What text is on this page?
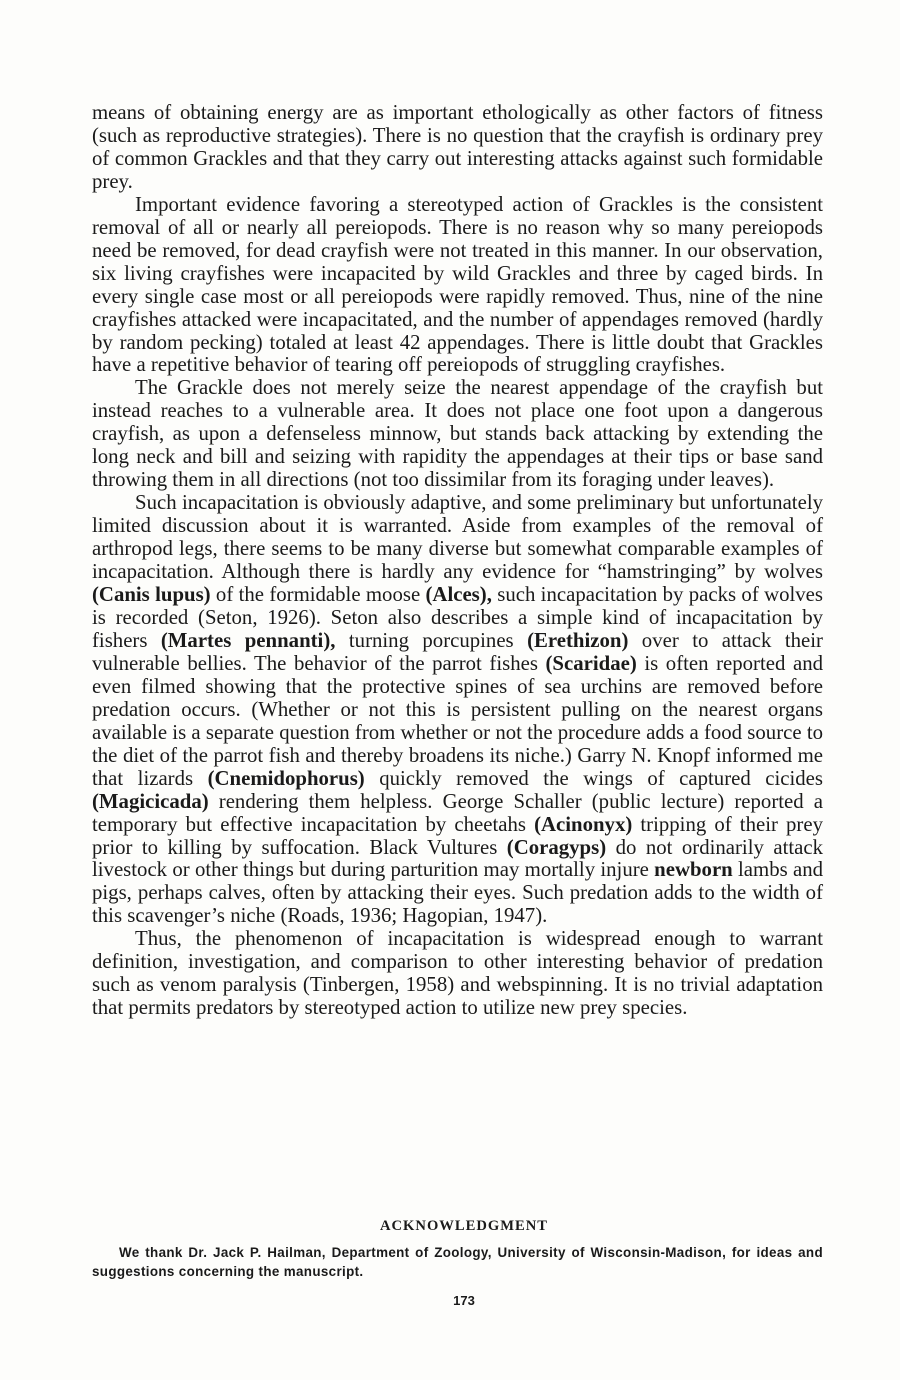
means of obtaining energy are as important ethologically as other factors of fitness (such as reproductive strategies). There is no question that the crayfish is ordinary prey of common Grackles and that they carry out interesting attacks against such formidable prey.

Important evidence favoring a stereotyped action of Grackles is the consistent removal of all or nearly all pereiopods. There is no reason why so many pereiopods need be removed, for dead crayfish were not treated in this manner. In our observation, six living crayfishes were incapacited by wild Grackles and three by caged birds. In every single case most or all pereiopods were rapidly removed. Thus, nine of the nine crayfishes attacked were incapacitated, and the number of appendages removed (hardly by random pecking) totaled at least 42 appendages. There is little doubt that Grackles have a repetitive behavior of tearing off pereiopods of struggling crayfishes.

The Grackle does not merely seize the nearest appendage of the crayfish but instead reaches to a vulnerable area. It does not place one foot upon a dangerous crayfish, as upon a defenseless minnow, but stands back attacking by extending the long neck and bill and seizing with rapidity the appendages at their tips or base sand throwing them in all directions (not too dissimilar from its foraging under leaves).

Such incapacitation is obviously adaptive, and some preliminary but unfortunately limited discussion about it is warranted. Aside from examples of the removal of arthropod legs, there seems to be many diverse but somewhat comparable examples of incapacitation. Although there is hardly any evidence for “hamstringing” by wolves (Canis lupus) of the formidable moose (Alces), such incapacitation by packs of wolves is recorded (Seton, 1926). Seton also describes a simple kind of incapacitation by fishers (Martes pennanti), turning porcupines (Erethizon) over to attack their vulnerable bellies. The behavior of the parrot fishes (Scaridae) is often reported and even filmed showing that the protective spines of sea urchins are removed before predation occurs. (Whether or not this is persistent pulling on the nearest organs available is a separate question from whether or not the procedure adds a food source to the diet of the parrot fish and thereby broadens its niche.) Garry N. Knopf informed me that lizards (Cnemidophorus) quickly removed the wings of captured cicides (Magicicada) rendering them helpless. George Schaller (public lecture) reported a temporary but effective incapacitation by cheetahs (Acinonyx) tripping of their prey prior to killing by suffocation. Black Vultures (Coragyps) do not ordinarily attack livestock or other things but during parturition may mortally injure newborn lambs and pigs, perhaps calves, often by attacking their eyes. Such predation adds to the width of this scavenger’s niche (Roads, 1936; Hagopian, 1947).

Thus, the phenomenon of incapacitation is widespread enough to warrant definition, investigation, and comparison to other interesting behavior of predation such as venom paralysis (Tinbergen, 1958) and webspinning. It is no trivial adaptation that permits predators by stereotyped action to utilize new prey species.

ACKNOWLEDGMENT
We thank Dr. Jack P. Hailman, Department of Zoology, University of Wisconsin-Madison, for ideas and suggestions concerning the manuscript.
173
